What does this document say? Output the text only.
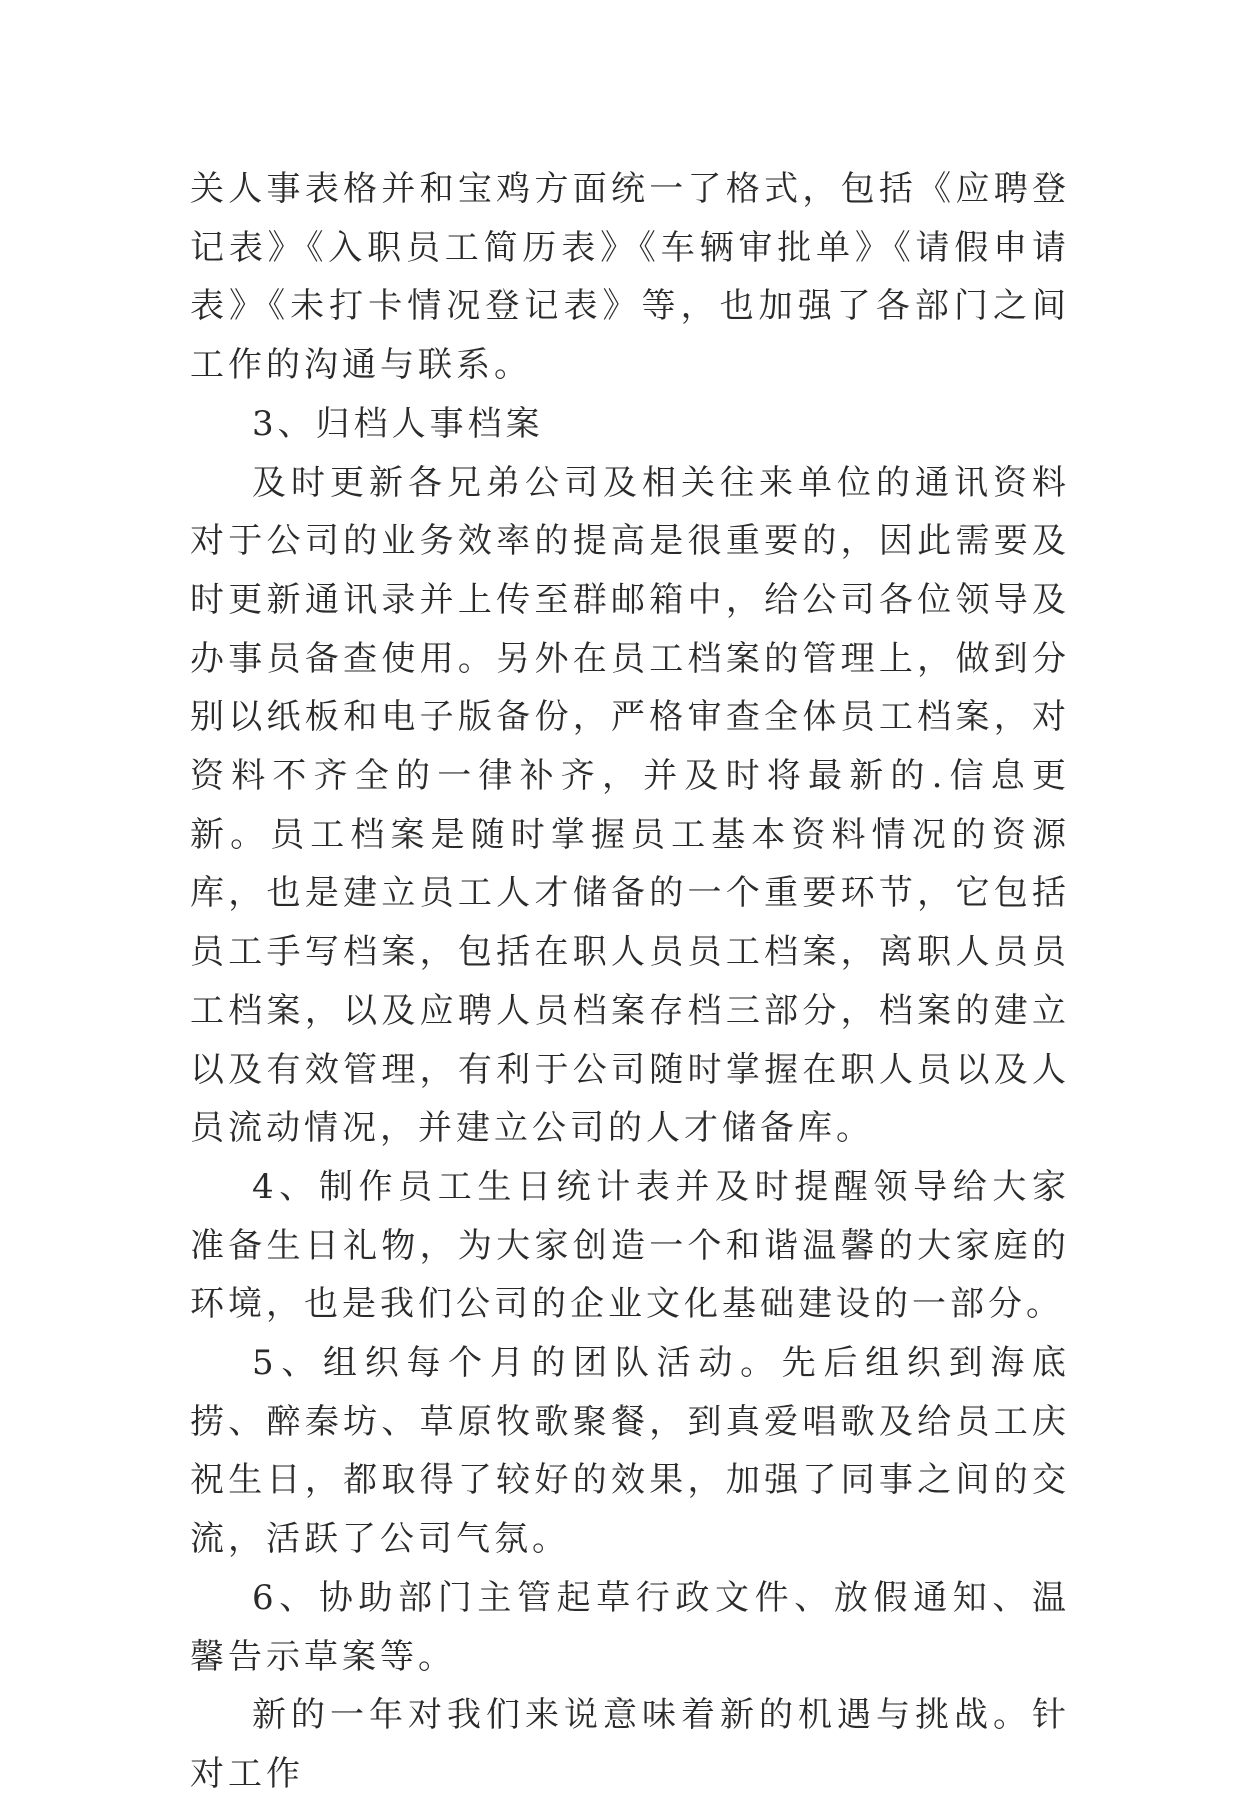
关人事表格并和宝鸡方面统一了格式，包括《应聘登记表》《入职员工简历表》《车辆审批单》《请假申请表》《未打卡情况登记表》等，也加强了各部门之间工作的沟通与联系。

3、归档人事档案

及时更新各兄弟公司及相关往来单位的通讯资料对于公司的业务效率的提高是很重要的，因此需要及时更新通讯录并上传至群邮箱中，给公司各位领导及办事员备查使用。另外在员工档案的管理上，做到分别以纸板和电子版备份，严格审查全体员工档案，对资料不齐全的一律补齐，并及时将最新的.信息更新。员工档案是随时掌握员工基本资料情况的资源库，也是建立员工人才储备的一个重要环节，它包括员工手写档案，包括在职人员员工档案，离职人员员工档案，以及应聘人员档案存档三部分，档案的建立以及有效管理，有利于公司随时掌握在职人员以及人员流动情况，并建立公司的人才储备库。

4、制作员工生日统计表并及时提醒领导给大家准备生日礼物，为大家创造一个和谐温馨的大家庭的环境，也是我们公司的企业文化基础建设的一部分。

5、组织每个月的团队活动。先后组织到海底捞、醉秦坊、草原牧歌聚餐，到真爱唱歌及给员工庆祝生日，都取得了较好的效果，加强了同事之间的交流，活跃了公司气氛。

6、协助部门主管起草行政文件、放假通知、温馨告示草案等。

新的一年对我们来说意味着新的机遇与挑战。针对工作
